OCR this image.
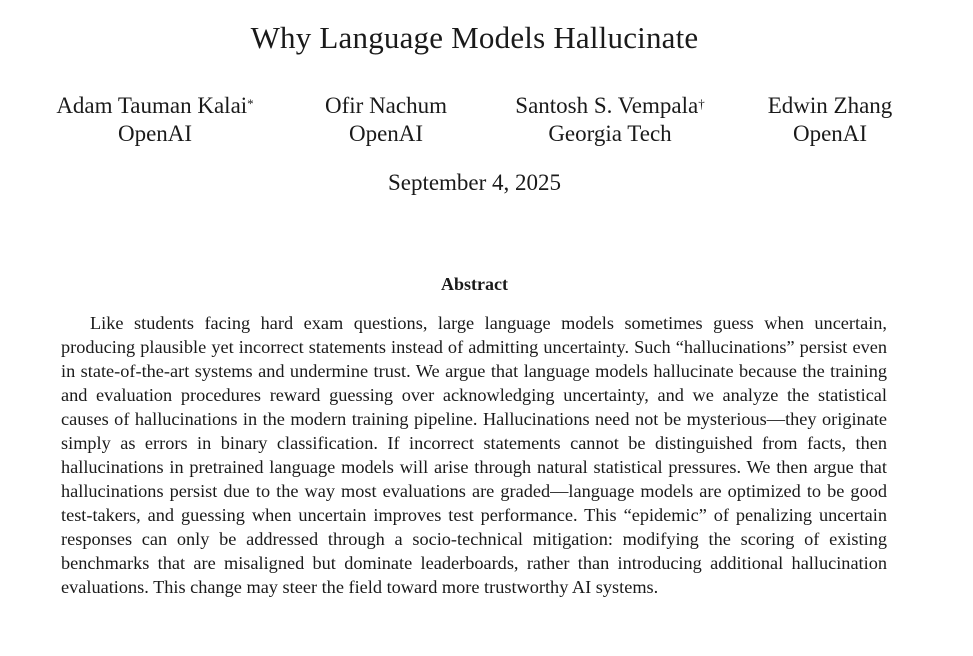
Why Language Models Hallucinate
Adam Tauman Kalai*
OpenAI
Ofir Nachum
OpenAI
Santosh S. Vempala†
Georgia Tech
Edwin Zhang
OpenAI
September 4, 2025
Abstract

Like students facing hard exam questions, large language models sometimes guess when uncertain, producing plausible yet incorrect statements instead of admitting uncertainty. Such “hallucinations” persist even in state-of-the-art systems and undermine trust. We argue that language models hallucinate because the training and evaluation procedures reward guessing over acknowledging uncertainty, and we analyze the statistical causes of hallucinations in the modern training pipeline. Hallucinations need not be mysterious—they originate simply as errors in binary classification. If incorrect statements cannot be distinguished from facts, then hallucinations in pretrained language models will arise through natural statistical pressures. We then argue that hallucinations persist due to the way most evaluations are graded—language models are optimized to be good test-takers, and guessing when uncertain improves test performance. This “epidemic” of penalizing uncertain responses can only be addressed through a socio-technical mitigation: modifying the scoring of existing benchmarks that are misaligned but dominate leaderboards, rather than introducing additional hallucination evaluations. This change may steer the field toward more trustworthy AI systems.
